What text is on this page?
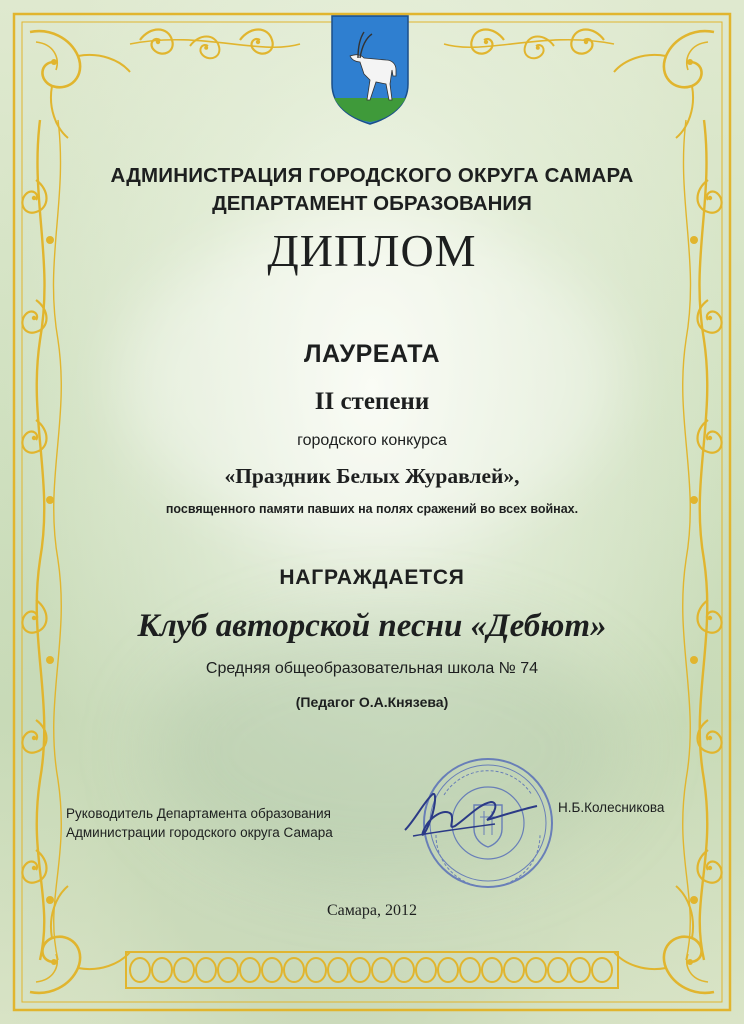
АДМИНИСТРАЦИЯ ГОРОДСКОГО ОКРУГА САМАРА

ДЕПАРТАМЕНТ ОБРАЗОВАНИЯ

ДИПЛОМ

ЛАУРЕАТА

II степени

городского конкурса

«Праздник Белых Журавлей»,

посвященного памяти павших на полях сражений во всех войнах.

НАГРАЖДАЕТСЯ

Клуб авторской песни «Дебют»

Средняя общеобразовательная школа № 74

(Педагог О.А.Князева)

Руководитель Департамента образования
Администрации городского округа Самара
Н.Б.Колесникова

Самара, 2012
